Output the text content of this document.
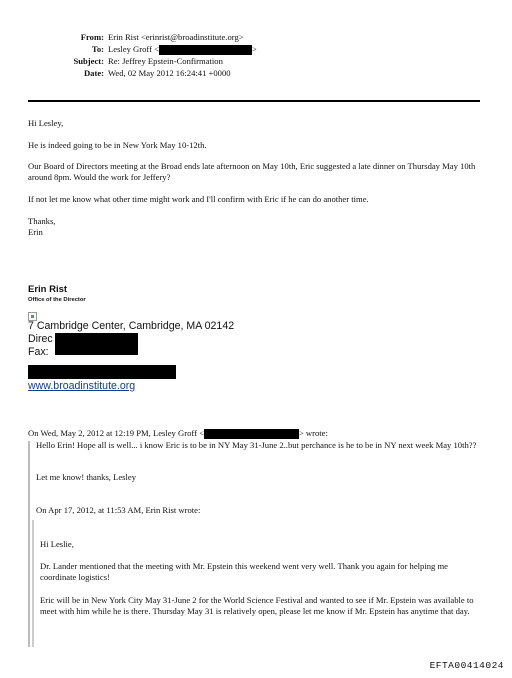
From: Erin Rist <erinrist@broadinstitute.org>
To: Lesley Groff <	>
Subject: Re: Jeffrey Epstein-Confirmation
Date: Wed, 02 May 2012 16:24:41 +0000
Hi Lesley,
He is indeed going to be in New York May 10-12th.
Our Board of Directors meeting at the Broad ends late afternoon on May 10th, Eric suggested a late dinner on Thursday May 10th around 8pm. Would the work for Jeffery?
If not let me know what other time might work and I'll confirm with Eric if he can do another time.
Thanks,
Erin
Erin Rist
Office of the Director
7 Cambridge Center, Cambridge, MA 02142
Direc
Fax:
www.broadinstitute.org
On Wed, May 2, 2012 at 12:19 PM, Lesley Groff <	> wrote:
Hello Erin! Hope all is well... i know Eric is to be in NY May 31-June 2..but perchance is he to be in NY next week May 10th??
Let me know! thanks, Lesley
On Apr 17, 2012, at 11:53 AM, Erin Rist wrote:
Hi Leslie,
Dr. Lander mentioned that the meeting with Mr. Epstein this weekend went very well. Thank you again for helping me coordinate logistics!
Eric will be in New York City May 31-June 2 for the World Science Festival and wanted to see if Mr. Epstein was available to meet with him while he is there. Thursday May 31 is relatively open, please let me know if Mr. Epstein has anytime that day.
EFTA00414024
